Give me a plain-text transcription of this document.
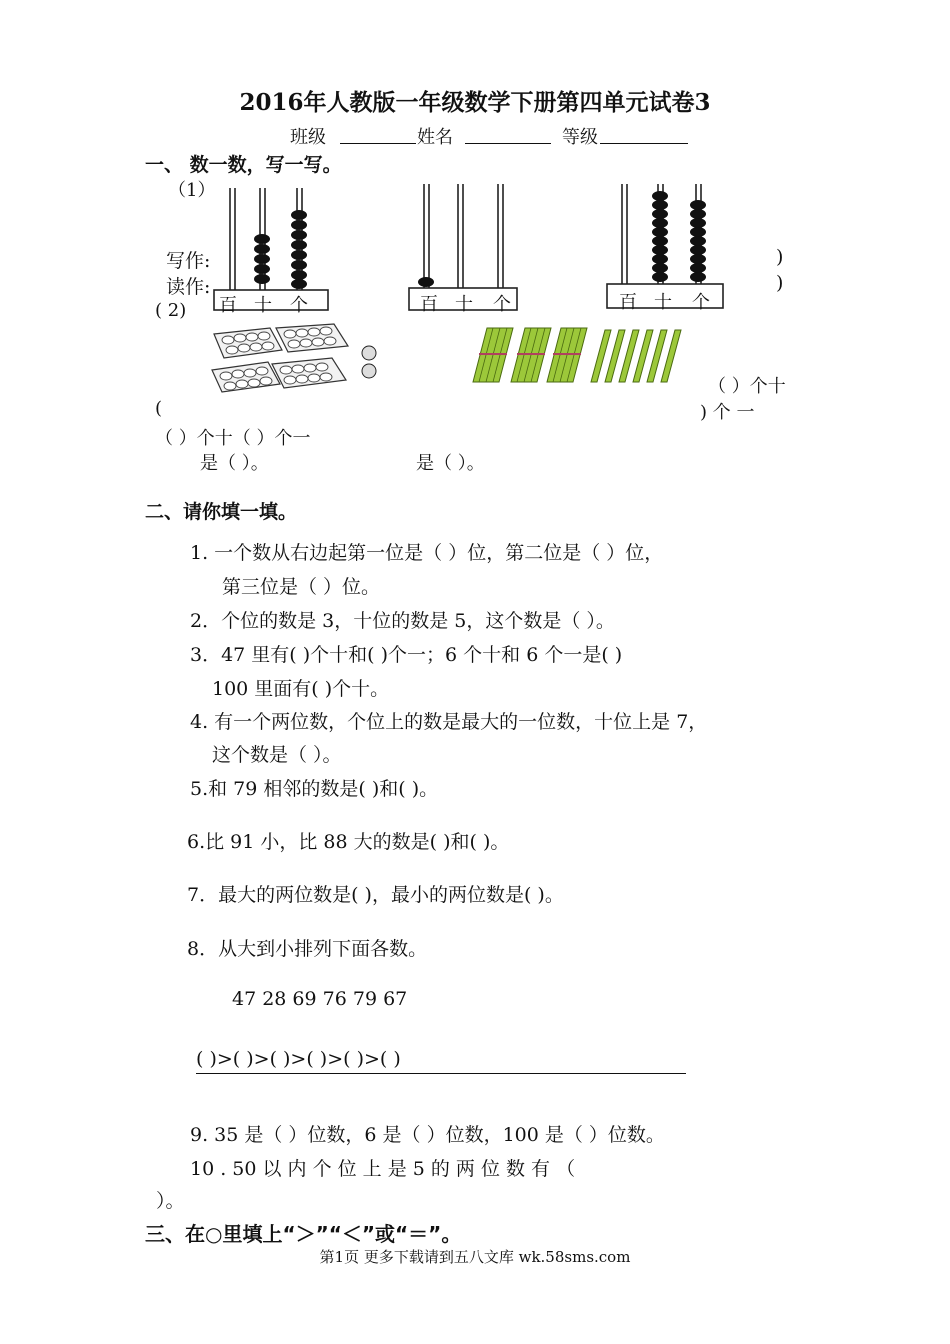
2016年人教版一年级数学下册第四单元试卷3
班级	姓名	等级
一、 数一数，写一写。
（1）
百 十 个	百 十 个	百 十 个
写作:
读作:
)
)
( 2)
（ ）个十
(	) 个 一
（ ）个十（ ）个一
是（ ）。	是（ ）。
二、请你填一填。
1. 一个数从右边起第一位是（ ）位，第二位是（ ）位，
第三位是（ ）位。
2．个位的数是 3，十位的数是 5，这个数是（ ）。
3．47 里有( )个十和( )个一；6 个十和 6 个一是( )
100 里面有( )个十。
4. 有一个两位数，个位上的数是最大的一位数，十位上是 7，
这个数是（ ）。
5.和 79 相邻的数是( )和( )。
6.比 91 小，比 88 大的数是( )和( )。
7．最大的两位数是( )，最小的两位数是( )。
8．从大到小排列下面各数。
47 28 69 76 79 67
( )>( )>( )>( )>( )>( )
9. 35 是（ ）位数，6 是（ ）位数，100 是（ ）位数。
10 . 50 以 内 个 位 上 是 5 的 两 位 数 有 （
）。
三、在○里填上“＞”“＜”或“＝”。
第1页 更多下载请到五八文库 wk.58sms.com
